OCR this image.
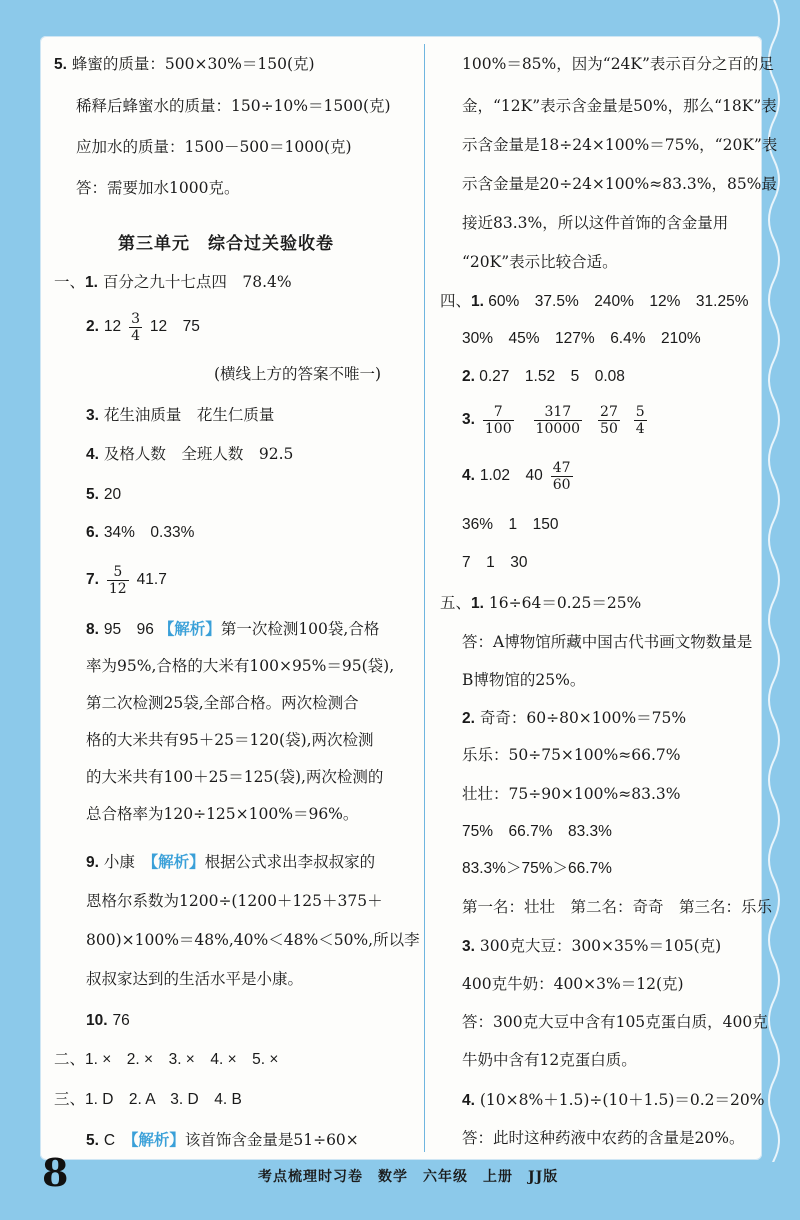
5. 蜂蜜的质量：500×30%＝150(克)
稀释后蜂蜜水的质量：150÷10%＝1500(克)
应加水的质量：1500－500＝1000(克)
答：需要加水1000克。
第三单元　综合过关验收卷
一、1. 百分之九十七点四　78.4%
2. $12 \frac{3}{4} 12$　75
(横线上方的答案不唯一)
3. 花生油质量　花生仁质量
4. 及格人数　全班人数　92.5
5. 20
6. 34%　0.33%
7. $\frac{5}{12} 41.7$
8. 95　96 【解析】第一次检测100袋,合格
率为95%,合格的大米有100×95%＝95(袋),
第二次检测25袋,全部合格。两次检测合
格的大米共有95＋25＝120(袋),两次检测
的大米共有100＋25＝125(袋),两次检测的
总合格率为120÷125×100%＝96%。
9. 小康　 【解析】根据公式求出李叔叔家的
恩格尔系数为1200÷(1200＋125＋375＋
800)×100%＝48%,40%＜48%＜50%,所以李
叔叔家达到的生活水平是小康。
10. 76
二、1. ×　2. ×　3. ×　4. ×　5. ×
三、1. D　2. A　3. D　4. B
5. C　 【解析】该首饰含金量是51÷60×
100%＝85%，因为“24K”表示百分之百的足
金，“12K”表示含金量是50%，那么“18K”表
示含金量是18÷24×100%＝75%，“20K”表
示含金量是20÷24×100%≈83.3%，85%最
接近83.3%，所以这件首饰的含金量用
“20K”表示比较合适。
四、1. 60%　37.5%　240%　12%　31.25%
30%　45%　127%　6.4%　210%
2. 0.27　1.52　5　0.08
3. $\frac{7}{100}$
$\frac{317}{10000}$
$\frac{27}{50}$
$\frac{5}{4}$
4. 1.02　$40 \frac{47}{60}$
36%　1　150
7　1　30
五、1. 16÷64＝0.25＝25%
答：A博物馆所藏中国古代书画文物数量是
B博物馆的25%。
2. 奇奇：60÷80×100%＝75%
乐乐：50÷75×100%≈66.7%
壮壮：75÷90×100%≈83.3%
75%　66.7%　83.3%
83.3%＞75%＞66.7%
第一名：壮壮　第二名：奇奇　第三名：乐乐
3. 300克大豆：300×35%＝105(克)
400克牛奶：400×3%＝12(克)
答：300克大豆中含有105克蛋白质，400克
牛奶中含有12克蛋白质。
4. (10×8%＋1.5)÷(10＋1.5)＝0.2＝20%
答：此时这种药液中农药的含量是20%。
8	考点梳理时习卷　数学　六年级　上册　JJ版
